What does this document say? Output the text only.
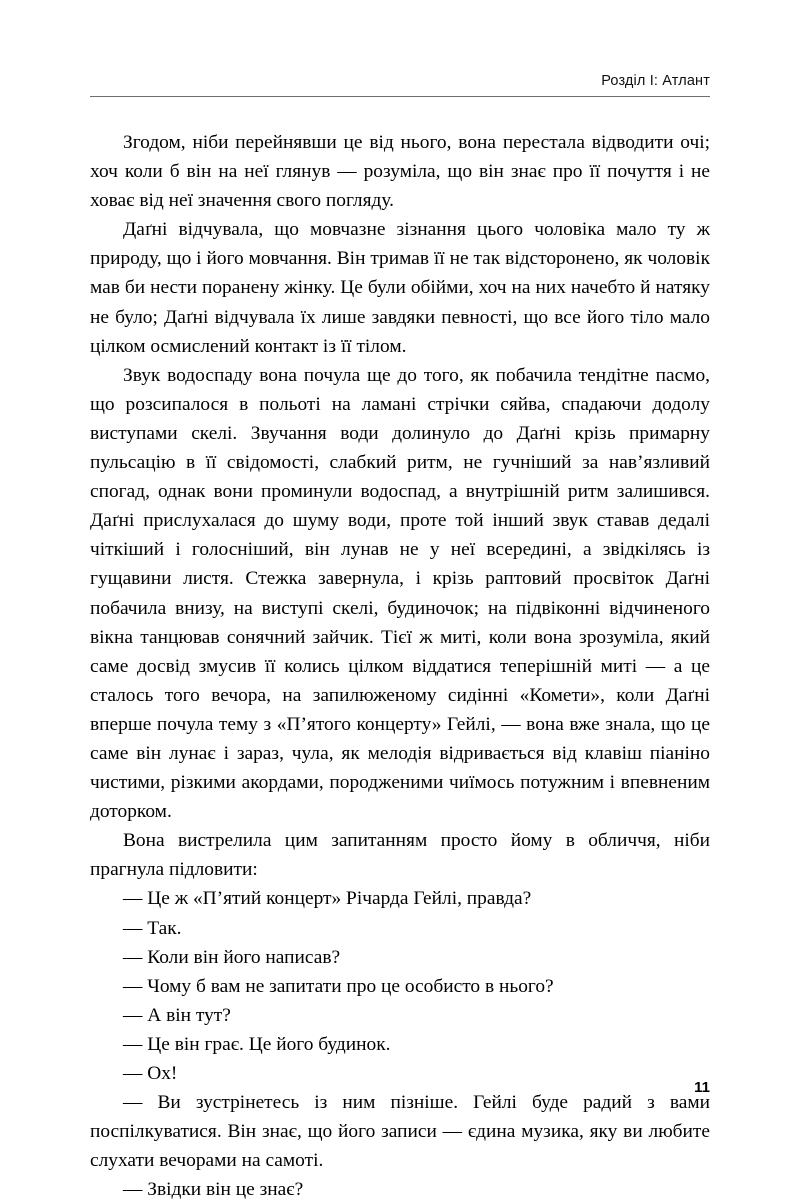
Розділ І: Атлант

Згодом, ніби перейнявши це від нього, вона перестала відводити очі; хоч коли б він на неї глянув — розуміла, що він знає про її почуття і не ховає від неї значення свого погляду.

Даґні відчувала, що мовчазне зізнання цього чоловіка мало ту ж природу, що і його мовчання. Він тримав її не так відсторонено, як чоловік мав би нести поранену жінку. Це були обійми, хоч на них начебто й натяку не було; Даґні відчувала їх лише завдяки певності, що все його тіло мало цілком осмислений контакт із її тілом.

Звук водоспаду вона почула ще до того, як побачила тендітне пасмо, що розсипалося в польоті на ламані стрічки сяйва, спадаючи додолу виступами скелі. Звучання води долинуло до Даґні крізь примарну пульсацію в її свідомості, слабкий ритм, не гучніший за нав’язливий спогад, однак вони проминули водоспад, а внутрішній ритм залишився. Даґні прислухалася до шуму води, проте той інший звук ставав дедалі чіткіший і голосніший, він лунав не у неї всередині, а звідкілясь із гущавини листя. Стежка завернула, і крізь раптовий просвіток Даґні побачила внизу, на виступі скелі, будиночок; на підвіконні відчиненого вікна танцював сонячний зайчик. Тієї ж миті, коли вона зрозуміла, який саме досвід змусив її колись цілком віддатися теперішній миті — а це сталось того вечора, на запилюженому сидінні «Комети», коли Даґні вперше почула тему з «П’ятого концерту» Гейлі, — вона вже знала, що це саме він лунає і зараз, чула, як мелодія відривається від клавіш піаніно чистими, різкими акордами, породженими чиїмось потужним і впевненим доторком.

Вона вистрелила цим запитанням просто йому в обличчя, ніби прагнула підловити:

— Це ж «П’ятий концерт» Річарда Гейлі, правда?

— Так.

— Коли він його написав?

— Чому б вам не запитати про це особисто в нього?

— А він тут?

— Це він грає. Це його будинок.

— Ох!

— Ви зустрінетесь із ним пізніше. Гейлі буде радий з вами поспілкуватися. Він знає, що його записи — єдина музика, яку ви любите слухати вечорами на самоті.

— Звідки він це знає?

11
